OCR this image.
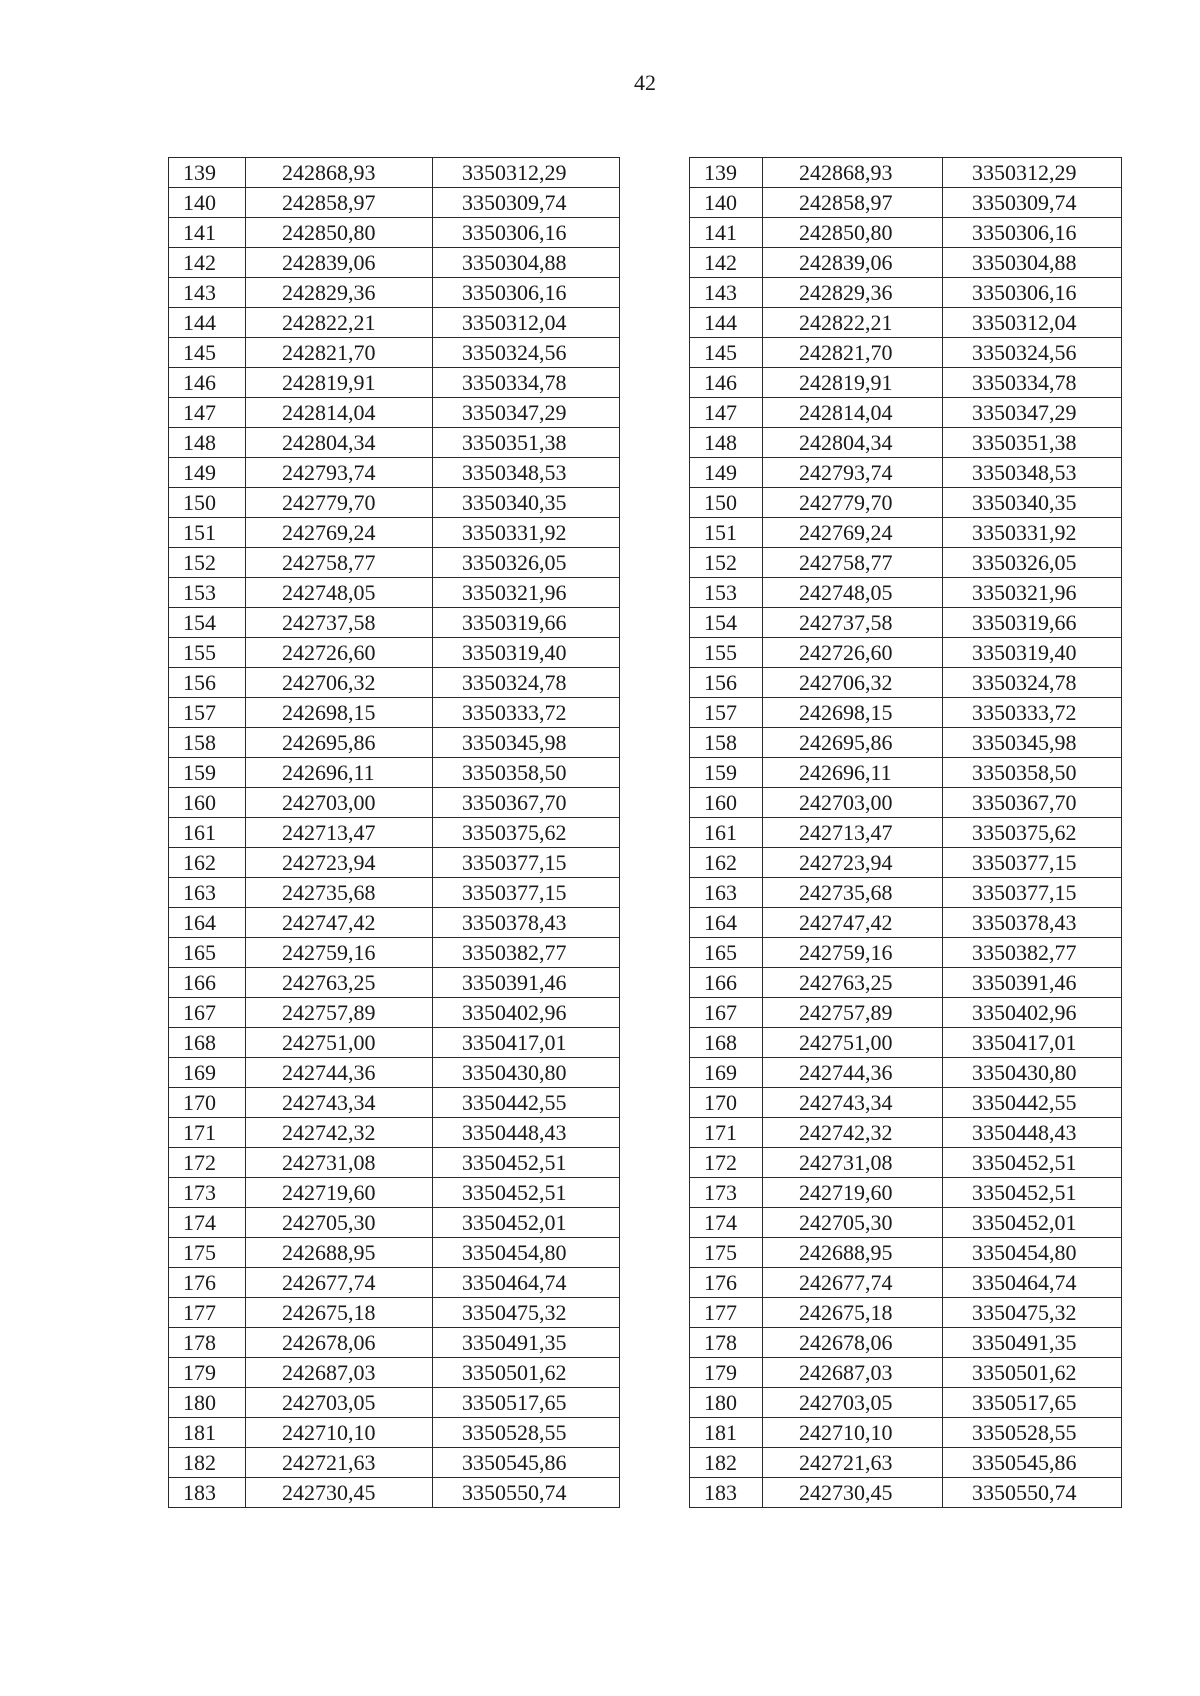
42
139	242868,93	3350312,29
140	242858,97	3350309,74
141	242850,80	3350306,16
142	242839,06	3350304,88
143	242829,36	3350306,16
144	242822,21	3350312,04
145	242821,70	3350324,56
146	242819,91	3350334,78
147	242814,04	3350347,29
148	242804,34	3350351,38
149	242793,74	3350348,53
150	242779,70	3350340,35
151	242769,24	3350331,92
152	242758,77	3350326,05
153	242748,05	3350321,96
154	242737,58	3350319,66
155	242726,60	3350319,40
156	242706,32	3350324,78
157	242698,15	3350333,72
158	242695,86	3350345,98
159	242696,11	3350358,50
160	242703,00	3350367,70
161	242713,47	3350375,62
162	242723,94	3350377,15
163	242735,68	3350377,15
164	242747,42	3350378,43
165	242759,16	3350382,77
166	242763,25	3350391,46
167	242757,89	3350402,96
168	242751,00	3350417,01
169	242744,36	3350430,80
170	242743,34	3350442,55
171	242742,32	3350448,43
172	242731,08	3350452,51
173	242719,60	3350452,51
174	242705,30	3350452,01
175	242688,95	3350454,80
176	242677,74	3350464,74
177	242675,18	3350475,32
178	242678,06	3350491,35
179	242687,03	3350501,62
180	242703,05	3350517,65
181	242710,10	3350528,55
182	242721,63	3350545,86
183	242730,45	3350550,74
139	242868,93	3350312,29
140	242858,97	3350309,74
141	242850,80	3350306,16
142	242839,06	3350304,88
143	242829,36	3350306,16
144	242822,21	3350312,04
145	242821,70	3350324,56
146	242819,91	3350334,78
147	242814,04	3350347,29
148	242804,34	3350351,38
149	242793,74	3350348,53
150	242779,70	3350340,35
151	242769,24	3350331,92
152	242758,77	3350326,05
153	242748,05	3350321,96
154	242737,58	3350319,66
155	242726,60	3350319,40
156	242706,32	3350324,78
157	242698,15	3350333,72
158	242695,86	3350345,98
159	242696,11	3350358,50
160	242703,00	3350367,70
161	242713,47	3350375,62
162	242723,94	3350377,15
163	242735,68	3350377,15
164	242747,42	3350378,43
165	242759,16	3350382,77
166	242763,25	3350391,46
167	242757,89	3350402,96
168	242751,00	3350417,01
169	242744,36	3350430,80
170	242743,34	3350442,55
171	242742,32	3350448,43
172	242731,08	3350452,51
173	242719,60	3350452,51
174	242705,30	3350452,01
175	242688,95	3350454,80
176	242677,74	3350464,74
177	242675,18	3350475,32
178	242678,06	3350491,35
179	242687,03	3350501,62
180	242703,05	3350517,65
181	242710,10	3350528,55
182	242721,63	3350545,86
183	242730,45	3350550,74
